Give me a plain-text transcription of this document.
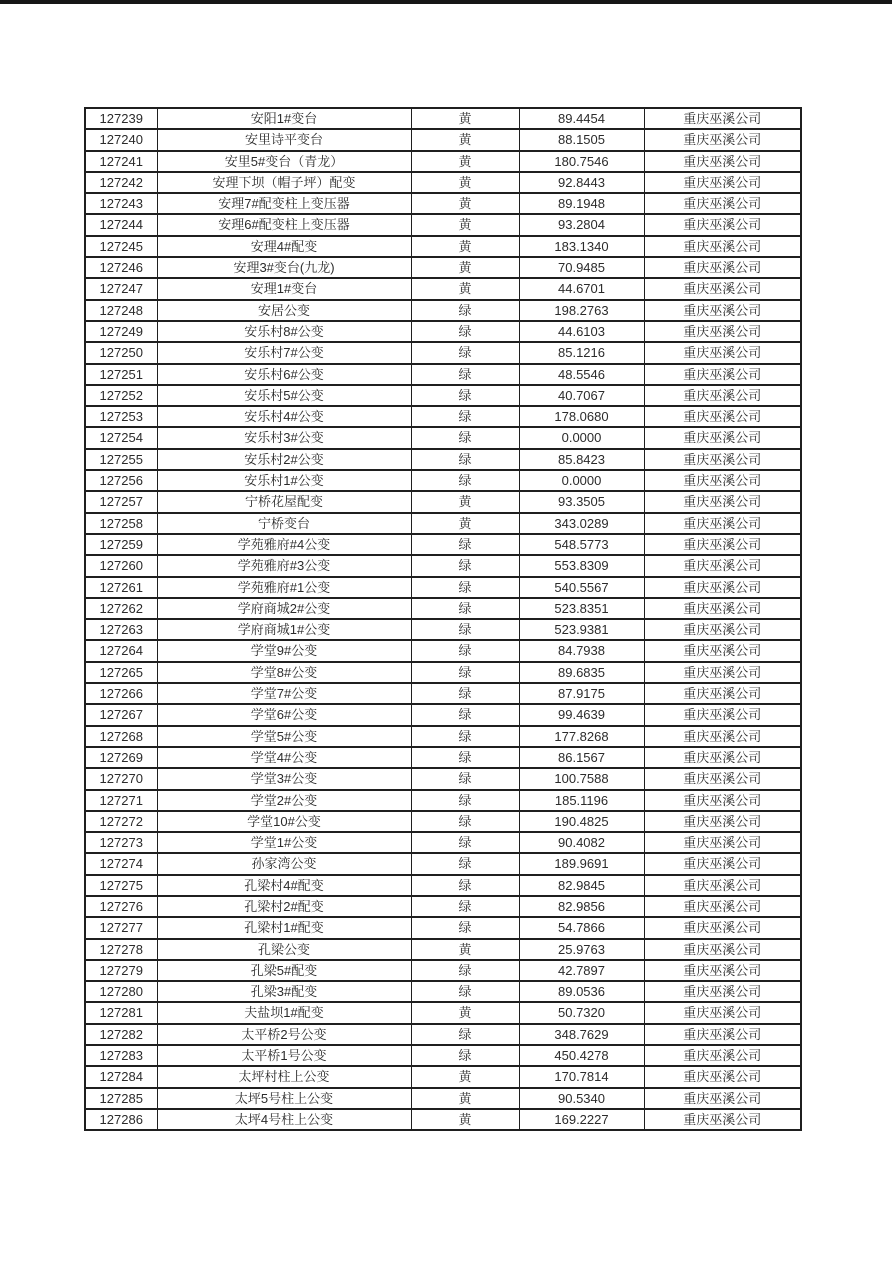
127239	安阳1#变台	黄	89.4454	重庆巫溪公司
127240	安里诗平变台	黄	88.1505	重庆巫溪公司
127241	安里5#变台（青龙）	黄	180.7546	重庆巫溪公司
127242	安理下坝（帽子坪）配变	黄	92.8443	重庆巫溪公司
127243	安理7#配变柱上变压器	黄	89.1948	重庆巫溪公司
127244	安理6#配变柱上变压器	黄	93.2804	重庆巫溪公司
127245	安理4#配变	黄	183.1340	重庆巫溪公司
127246	安理3#变台(九龙)	黄	70.9485	重庆巫溪公司
127247	安理1#变台	黄	44.6701	重庆巫溪公司
127248	安居公变	绿	198.2763	重庆巫溪公司
127249	安乐村8#公变	绿	44.6103	重庆巫溪公司
127250	安乐村7#公变	绿	85.1216	重庆巫溪公司
127251	安乐村6#公变	绿	48.5546	重庆巫溪公司
127252	安乐村5#公变	绿	40.7067	重庆巫溪公司
127253	安乐村4#公变	绿	178.0680	重庆巫溪公司
127254	安乐村3#公变	绿	0.0000	重庆巫溪公司
127255	安乐村2#公变	绿	85.8423	重庆巫溪公司
127256	安乐村1#公变	绿	0.0000	重庆巫溪公司
127257	宁桥花屋配变	黄	93.3505	重庆巫溪公司
127258	宁桥变台	黄	343.0289	重庆巫溪公司
127259	学苑雅府#4公变	绿	548.5773	重庆巫溪公司
127260	学苑雅府#3公变	绿	553.8309	重庆巫溪公司
127261	学苑雅府#1公变	绿	540.5567	重庆巫溪公司
127262	学府商城2#公变	绿	523.8351	重庆巫溪公司
127263	学府商城1#公变	绿	523.9381	重庆巫溪公司
127264	学堂9#公变	绿	84.7938	重庆巫溪公司
127265	学堂8#公变	绿	89.6835	重庆巫溪公司
127266	学堂7#公变	绿	87.9175	重庆巫溪公司
127267	学堂6#公变	绿	99.4639	重庆巫溪公司
127268	学堂5#公变	绿	177.8268	重庆巫溪公司
127269	学堂4#公变	绿	86.1567	重庆巫溪公司
127270	学堂3#公变	绿	100.7588	重庆巫溪公司
127271	学堂2#公变	绿	185.1196	重庆巫溪公司
127272	学堂10#公变	绿	190.4825	重庆巫溪公司
127273	学堂1#公变	绿	90.4082	重庆巫溪公司
127274	孙家湾公变	绿	189.9691	重庆巫溪公司
127275	孔梁村4#配变	绿	82.9845	重庆巫溪公司
127276	孔梁村2#配变	绿	82.9856	重庆巫溪公司
127277	孔梁村1#配变	绿	54.7866	重庆巫溪公司
127278	孔梁公变	黄	25.9763	重庆巫溪公司
127279	孔梁5#配变	绿	42.7897	重庆巫溪公司
127280	孔梁3#配变	绿	89.0536	重庆巫溪公司
127281	夫盐坝1#配变	黄	50.7320	重庆巫溪公司
127282	太平桥2号公变	绿	348.7629	重庆巫溪公司
127283	太平桥1号公变	绿	450.4278	重庆巫溪公司
127284	太坪村柱上公变	黄	170.7814	重庆巫溪公司
127285	太坪5号柱上公变	黄	90.5340	重庆巫溪公司
127286	太坪4号柱上公变	黄	169.2227	重庆巫溪公司
